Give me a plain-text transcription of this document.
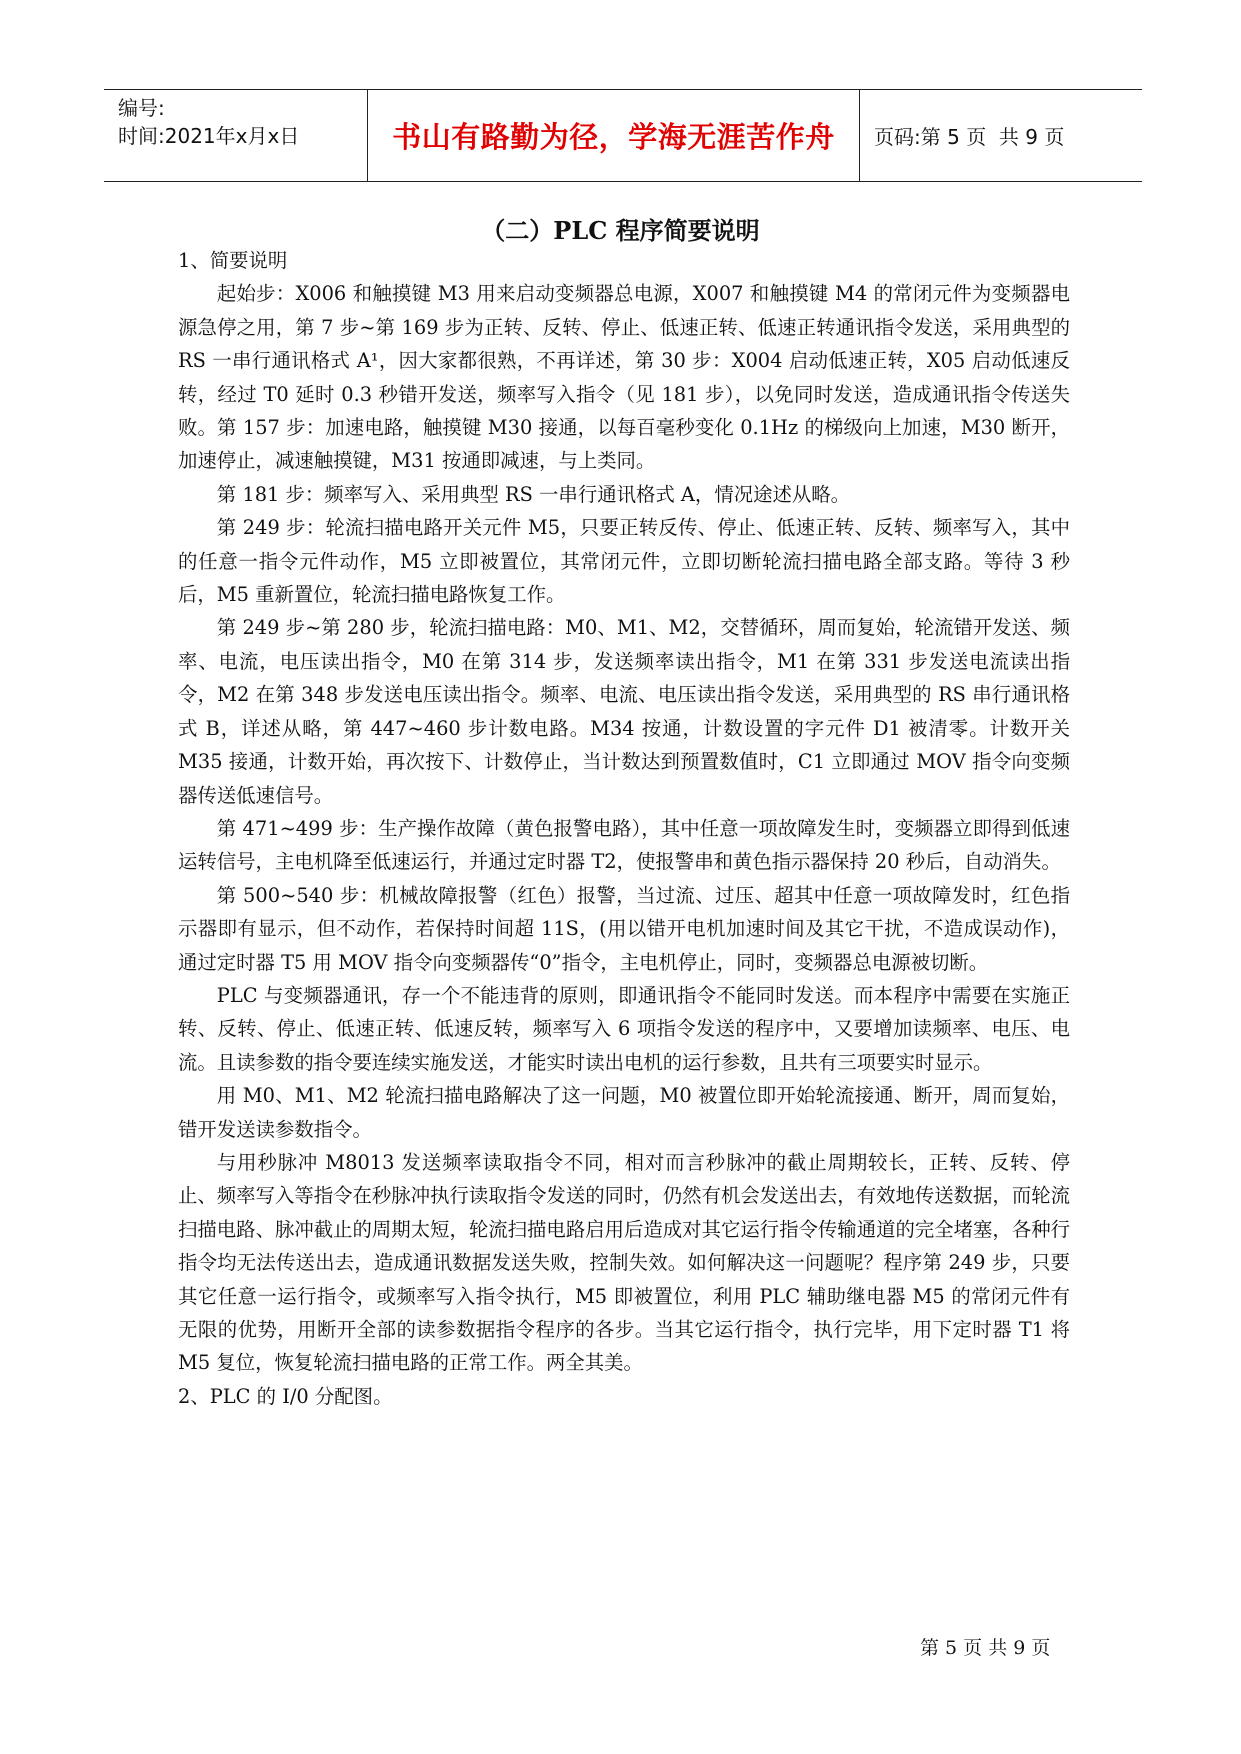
编号:
时间:2021年x月x日	书山有路勤为径，学海无涯苦作舟	页码: 第 5 页  共 9 页
（二）PLC 程序简要说明

1、简要说明

起始步：X006 和触摸键 M3 用来启动变频器总电源，X007 和触摸键 M4 的常闭元件为变频器电源急停之用，第 7 步~第 169 步为正转、反转、停止、低速正转、低速正转通讯指令发送，采用典型的 RS 一串行通讯格式 A¹，因大家都很熟，不再详述，第 30 步：X004 启动低速正转，X05 启动低速反转，经过 T0 延时 0.3 秒错开发送，频率写入指令（见 181 步），以免同时发送，造成通讯指令传送失败。第 157 步：加速电路，触摸键 M30 接通，以每百毫秒变化 0.1Hz 的梯级向上加速，M30 断开，加速停止，减速触摸键，M31 按通即减速，与上类同。

第 181 步：频率写入、采用典型 RS 一串行通讯格式 A，情况途述从略。

第 249 步：轮流扫描电路开关元件 M5，只要正转反传、停止、低速正转、反转、频率写入，其中的任意一指令元件动作，M5 立即被置位，其常闭元件，立即切断轮流扫描电路全部支路。等待 3 秒后，M5 重新置位，轮流扫描电路恢复工作。

第 249 步~第 280 步，轮流扫描电路：M0、M1、M2，交替循环，周而复始，轮流错开发送、频率、电流，电压读出指令，M0 在第 314 步，发送频率读出指令，M1 在第 331 步发送电流读出指令，M2 在第 348 步发送电压读出指令。频率、电流、电压读出指令发送，采用典型的 RS 串行通讯格式 B，详述从略，第 447~460 步计数电路。M34 按通，计数设置的字元件 D1 被清零。计数开关 M35 接通，计数开始，再次按下、计数停止，当计数达到预置数值时，C1 立即通过 MOV 指令向变频器传送低速信号。

第 471~499 步：生产操作故障（黄色报警电路），其中任意一项故障发生时，变频器立即得到低速运转信号，主电机降至低速运行，并通过定时器 T2，使报警串和黄色指示器保持 20 秒后，自动消失。

第 500~540 步：机械故障报警（红色）报警，当过流、过压、超其中任意一项故障发时，红色指示器即有显示，但不动作，若保持时间超 11S，(用以错开电机加速时间及其它干扰，不造成误动作)，通过定时器 T5 用 MOV 指令向变频器传“0”指令，主电机停止，同时，变频器总电源被切断。

PLC 与变频器通讯，存一个不能违背的原则，即通讯指令不能同时发送。而本程序中需要在实施正转、反转、停止、低速正转、低速反转，频率写入 6 项指令发送的程序中，又要增加读频率、电压、电流。且读参数的指令要连续实施发送，才能实时读出电机的运行参数，且共有三项要实时显示。

用 M0、M1、M2 轮流扫描电路解决了这一问题，M0 被置位即开始轮流接通、断开，周而复始，错开发送读参数指令。

与用秒脉冲 M8013 发送频率读取指令不同，相对而言秒脉冲的截止周期较长，正转、反转、停止、频率写入等指令在秒脉冲执行读取指令发送的同时，仍然有机会发送出去，有效地传送数据，而轮流扫描电路、脉冲截止的周期太短，轮流扫描电路启用后造成对其它运行指令传输通道的完全堵塞，各种行指令均无法传送出去，造成通讯数据发送失败，控制失效。如何解决这一问题呢？程序第 249 步，只要其它任意一运行指令，或频率写入指令执行，M5 即被置位，利用 PLC 辅助继电器 M5 的常闭元件有无限的优势，用断开全部的读参数据指令程序的各步。当其它运行指令，执行完毕，用下定时器 T1 将 M5 复位，恢复轮流扫描电路的正常工作。两全其美。

2、PLC 的 I/0 分配图。

第 5 页 共 9 页
